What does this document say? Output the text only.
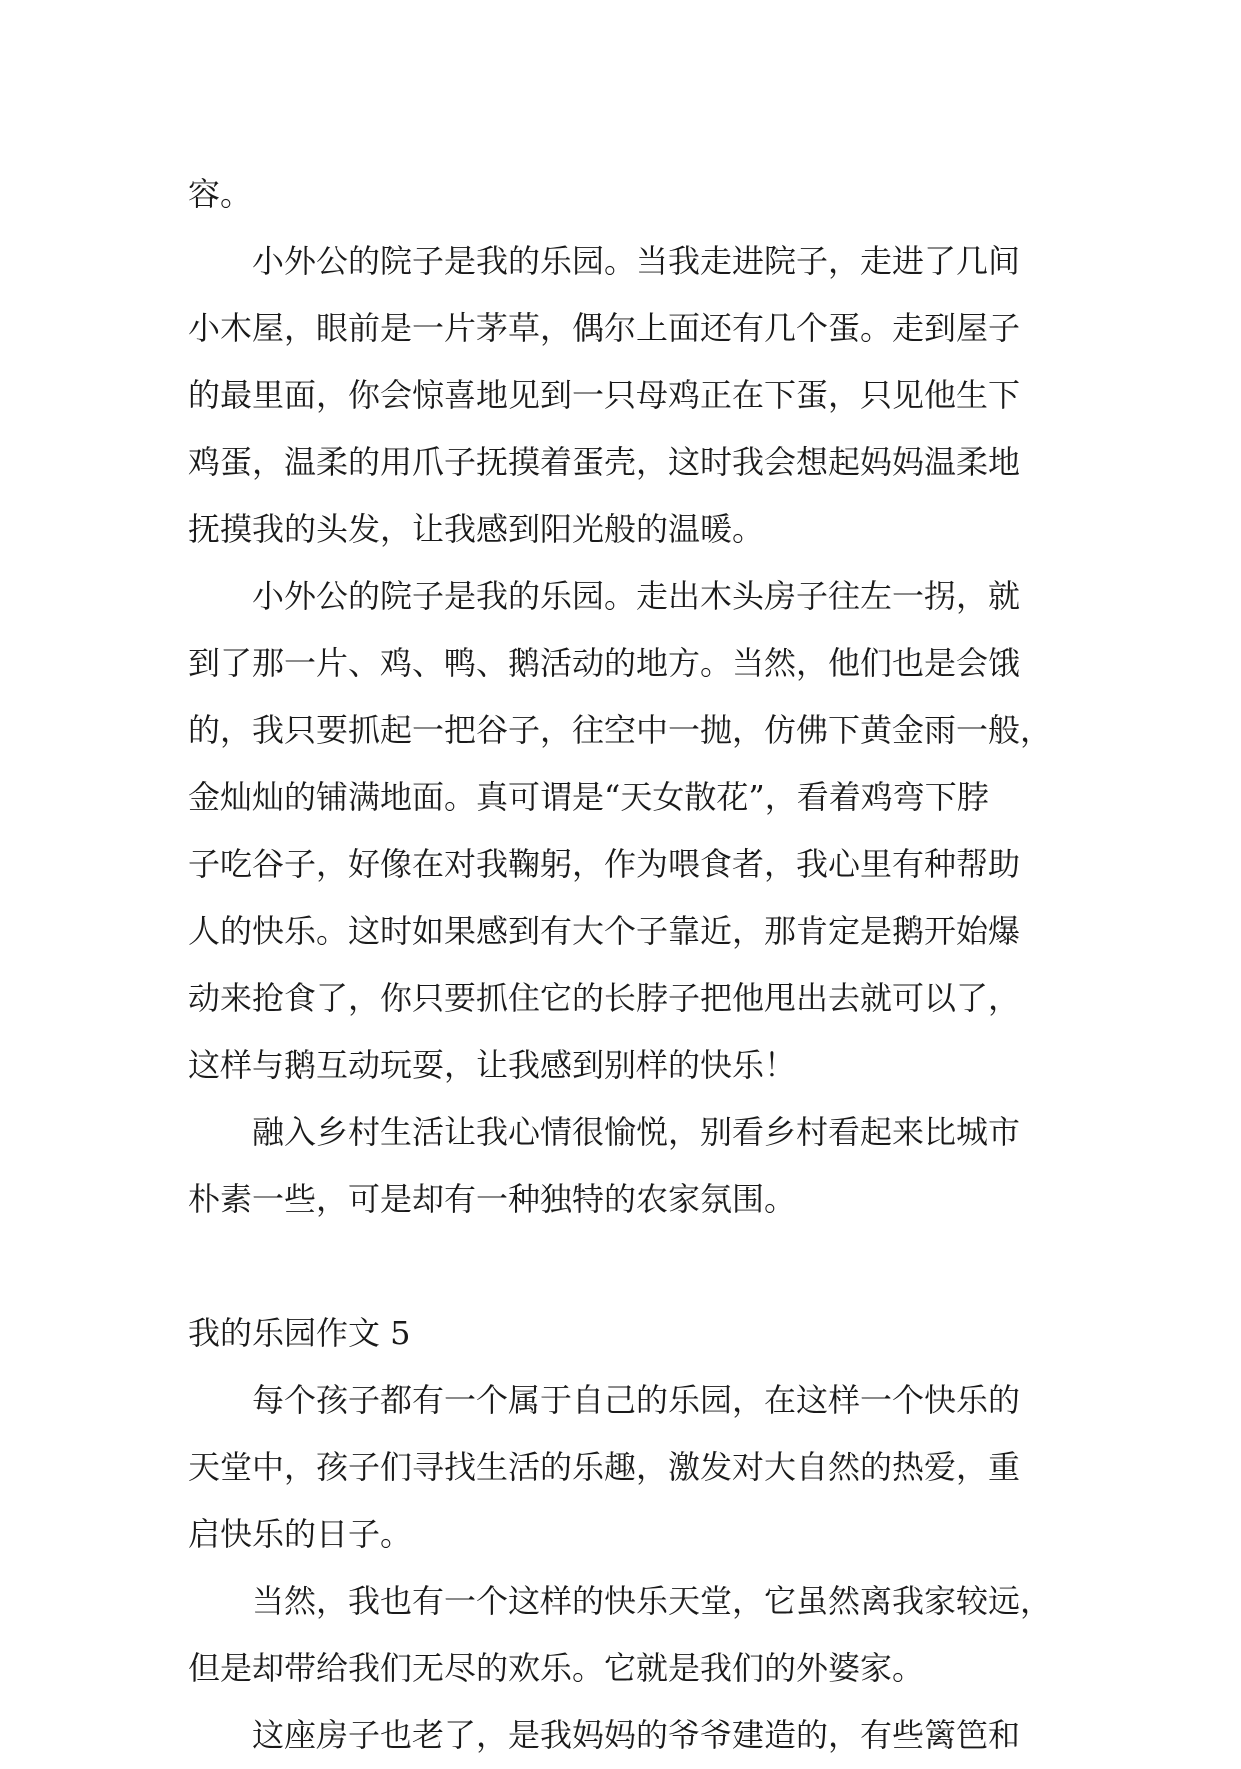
容。
小外公的院子是我的乐园。当我走进院子，走进了几间
小木屋，眼前是一片茅草，偶尔上面还有几个蛋。走到屋子
的最里面，你会惊喜地见到一只母鸡正在下蛋，只见他生下
鸡蛋，温柔的用爪子抚摸着蛋壳，这时我会想起妈妈温柔地
抚摸我的头发，让我感到阳光般的温暖。
小外公的院子是我的乐园。走出木头房子往左一拐，就
到了那一片、鸡、鸭、鹅活动的地方。当然，他们也是会饿
的，我只要抓起一把谷子，往空中一抛，仿佛下黄金雨一般，
金灿灿的铺满地面。真可谓是“天女散花”，看着鸡弯下脖
子吃谷子，好像在对我鞠躬，作为喂食者，我心里有种帮助
人的快乐。这时如果感到有大个子靠近，那肯定是鹅开始爆
动来抢食了，你只要抓住它的长脖子把他甩出去就可以了，
这样与鹅互动玩耍，让我感到别样的快乐！
融入乡村生活让我心情很愉悦，别看乡村看起来比城市
朴素一些，可是却有一种独特的农家氛围。
我的乐园作文 5
每个孩子都有一个属于自己的乐园，在这样一个快乐的
天堂中，孩子们寻找生活的乐趣，激发对大自然的热爱，重
启快乐的日子。
当然，我也有一个这样的快乐天堂，它虽然离我家较远，
但是却带给我们无尽的欢乐。它就是我们的外婆家。
这座房子也老了，是我妈妈的爷爷建造的，有些篱笆和
